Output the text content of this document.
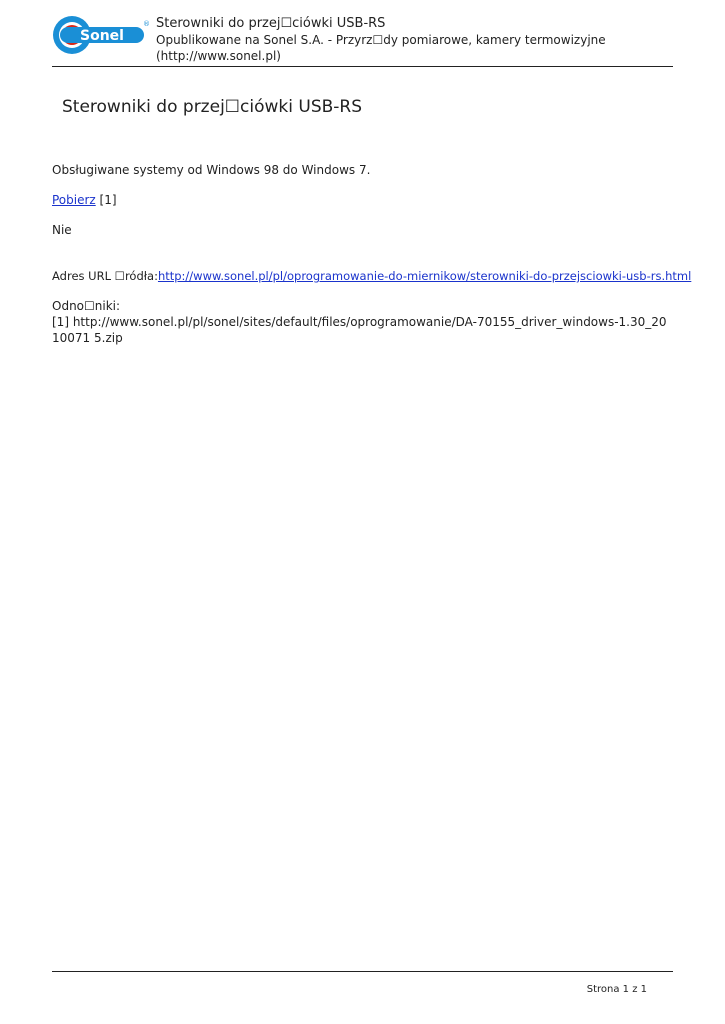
Sonel
® Sterowniki do przej☐ciówki USB-RS
Opublikowane na Sonel S.A. - Przyrz☐dy pomiarowe, kamery termowizyjne
(http://www.sonel.pl)
Sterowniki do przej☐ciówki USB-RS

Obsługiwane systemy od Windows 98 do Windows 7.

Pobierz [1]

Nie

Adres URL ☐ródła:http://www.sonel.pl/pl/oprogramowanie-do-miernikow/sterowniki-do-przejsciowki-usb-rs.html

Odno☐niki:
[1] http://www.sonel.pl/pl/sonel/sites/default/files/oprogramowanie/DA-70155_driver_windows-1.30_2010071 5.zip
Strona 1 z 1
